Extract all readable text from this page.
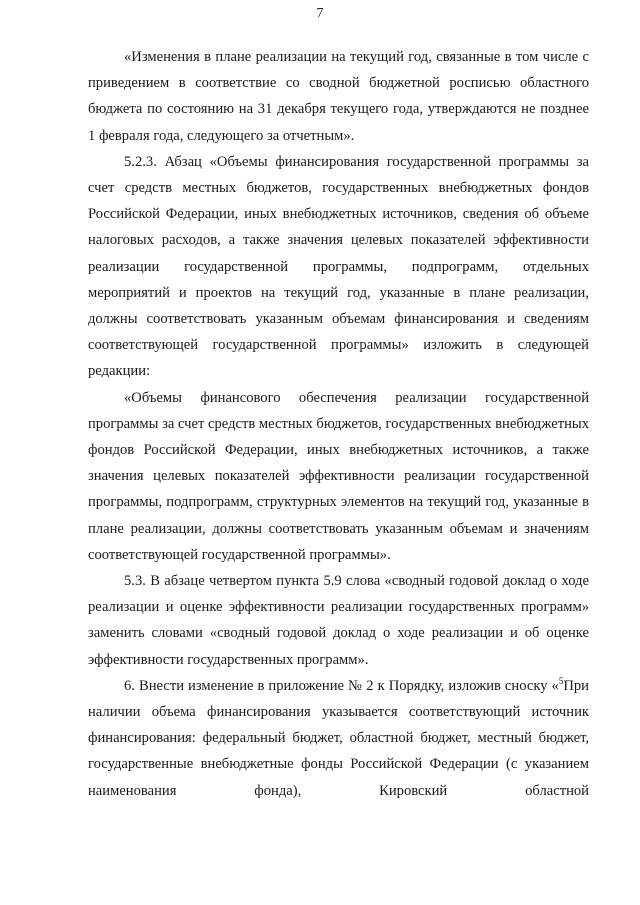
7

«Изменения в плане реализации на текущий год, связанные в том числе с приведением в соответствие со сводной бюджетной росписью областного бюджета по состоянию на 31 декабря текущего года, утверждаются не позднее 1 февраля года, следующего за отчетным».

5.2.3. Абзац «Объемы финансирования государственной программы за счет средств местных бюджетов, государственных внебюджетных фондов Российской Федерации, иных внебюджетных источников, сведения об объеме налоговых расходов, а также значения целевых показателей эффективности реализации государственной программы, подпрограмм, отдельных мероприятий и проектов на текущий год, указанные в плане реализации, должны соответствовать указанным объемам финансирования и сведениям соответствующей государственной программы» изложить в следующей редакции:

«Объемы финансового обеспечения реализации государственной программы за счет средств местных бюджетов, государственных внебюджетных фондов Российской Федерации, иных внебюджетных источников, а также значения целевых показателей эффективности реализации государственной программы, подпрограмм, структурных элементов на текущий год, указанные в плане реализации, должны соответствовать указанным объемам и значениям соответствующей государственной программы».

5.3. В абзаце четвертом пункта 5.9 слова «сводный годовой доклад о ходе реализации и оценке эффективности реализации государственных программ» заменить словами «сводный годовой доклад о ходе реализации и об оценке эффективности государственных программ».

6. Внести изменение в приложение № 2 к Порядку, изложив сноску «$^5$При наличии объема финансирования указывается соответствующий источник финансирования: федеральный бюджет, областной бюджет, местный бюджет, государственные внебюджетные фонды Российской Федерации (с указанием наименования фонда), Кировский областной
